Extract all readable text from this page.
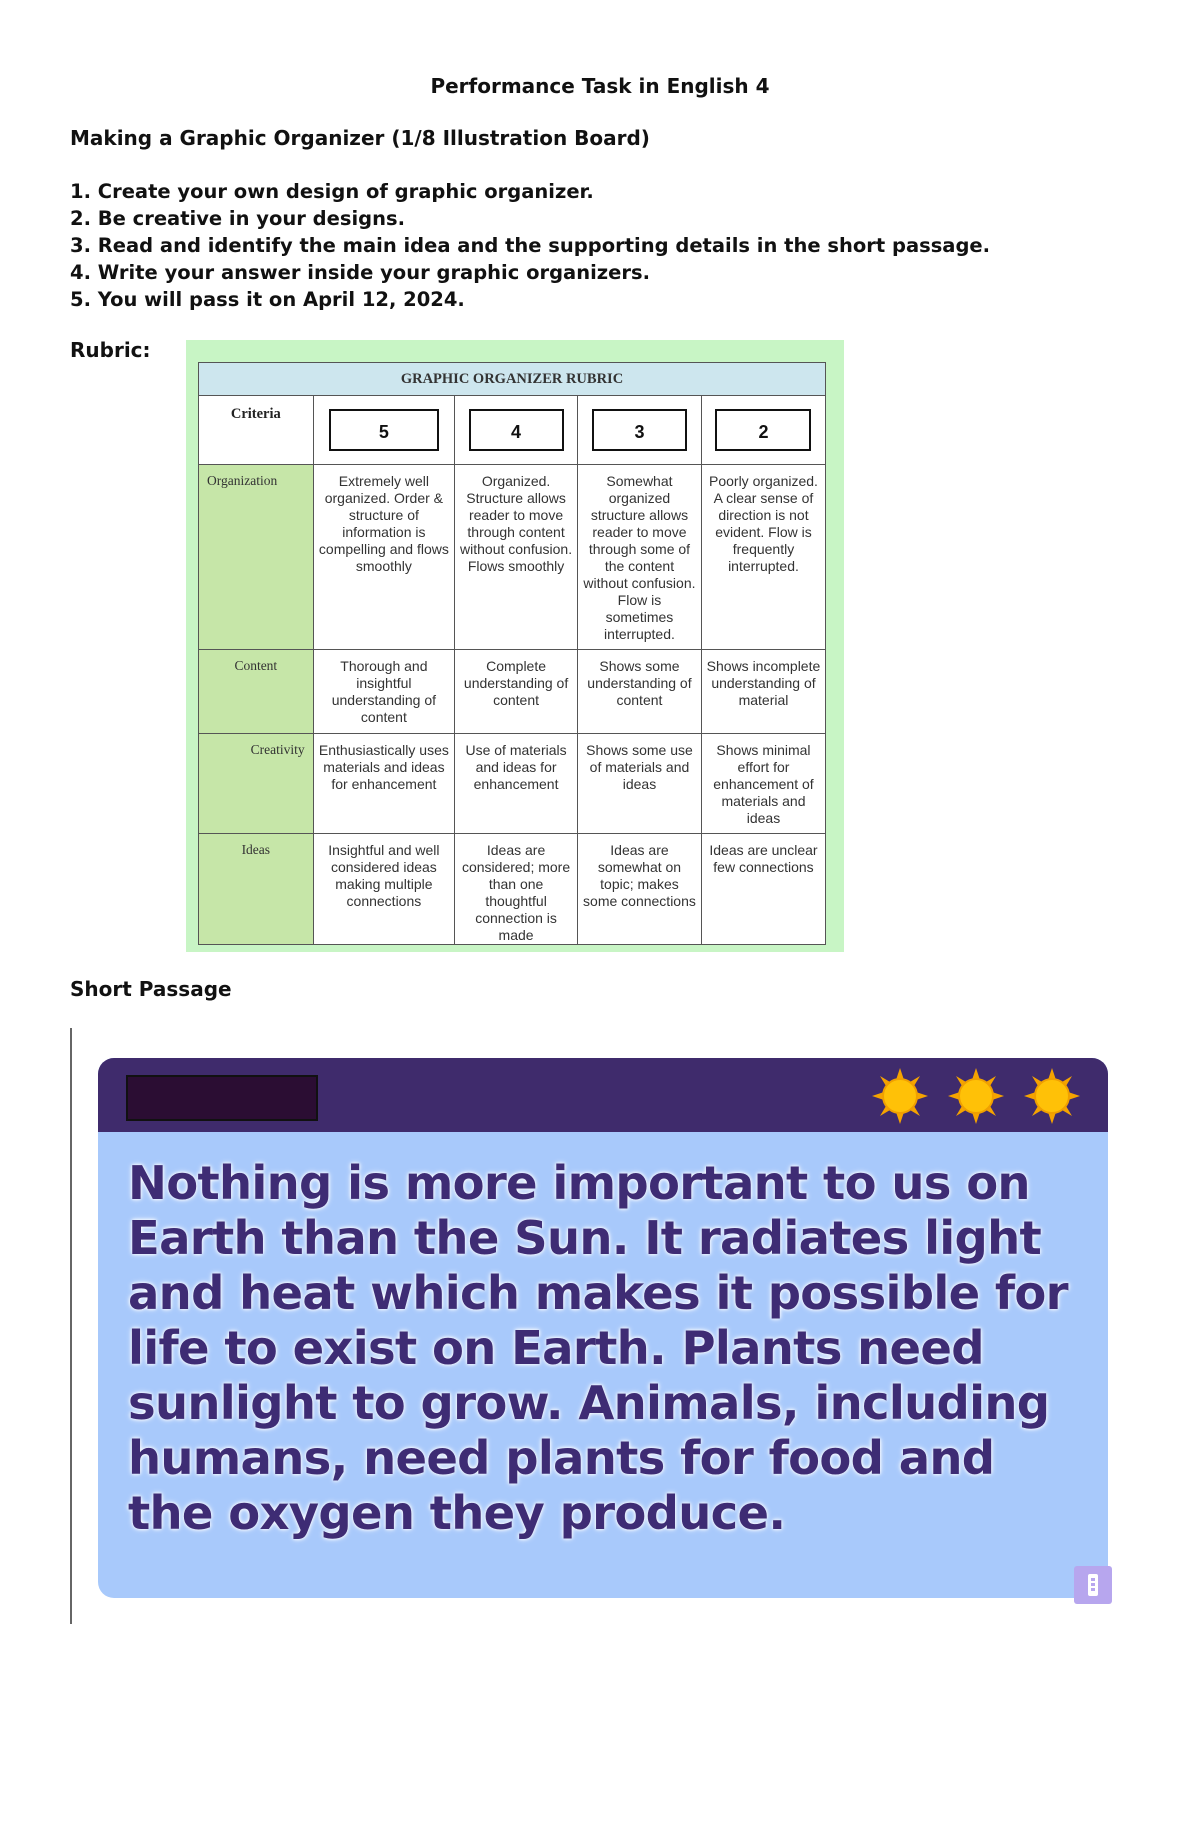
Performance Task in English 4
Making a Graphic Organizer (1/8 Illustration Board)
1. Create your own design of graphic organizer.
2. Be creative in your designs.
3. Read and identify the main idea and the supporting details in the short passage.
4. Write your answer inside your graphic organizers.
5. You will pass it on April 12, 2024.
Rubric:
GRAPHIC ORGANIZER RUBRIC				
Criteria	5	4	3	2

Organization	Extremely well organized. Order & structure of information is compelling and flows smoothly	Organized. Structure allows reader to move through content without confusion. Flows smoothly	Somewhat organized structure allows reader to move through some of the content without confusion. Flow is sometimes interrupted.	Poorly organized. A clear sense of direction is not evident. Flow is frequently interrupted.
Content	Thorough and insightful understanding of content	Complete understanding of content	Shows some understanding of content	Shows incomplete understanding of material
Creativity	Enthusiastically uses materials and ideas for enhancement	Use of materials and ideas for enhancement	Shows some use of materials and ideas	Shows minimal effort for enhancement of materials and ideas
Ideas	Insightful and well considered ideas making multiple connections	Ideas are considered; more than one thoughtful connection is made	Ideas are somewhat on topic; makes some connections	Ideas are unclear few connections
Short Passage

Nothing is more important to us on Earth than the Sun. It radiates light and heat which makes it possible for life to exist on Earth. Plants need sunlight to grow. Animals, including humans, need plants for food and the oxygen they produce.
